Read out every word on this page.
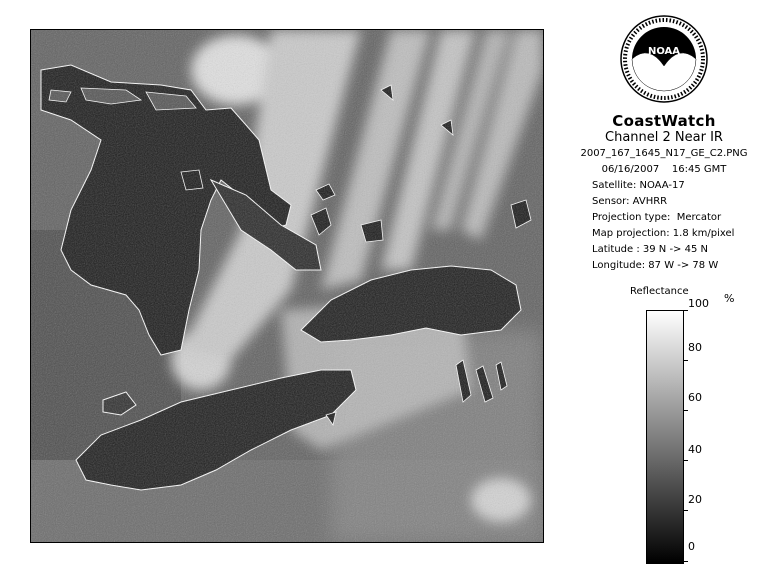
NOAA
CoastWatch
Channel 2 Near IR
2007_167_1645_N17_GE_C2.PNG
06/16/2007    16:45 GMT
Satellite: NOAA-17
Sensor: AVHRR
Projection type:  Mercator
Map projection: 1.8 km/pixel
Latitude : 39 N -> 45 N
Longitude: 87 W -> 78 W
Reflectance
%
100
80
60
40
20
0
